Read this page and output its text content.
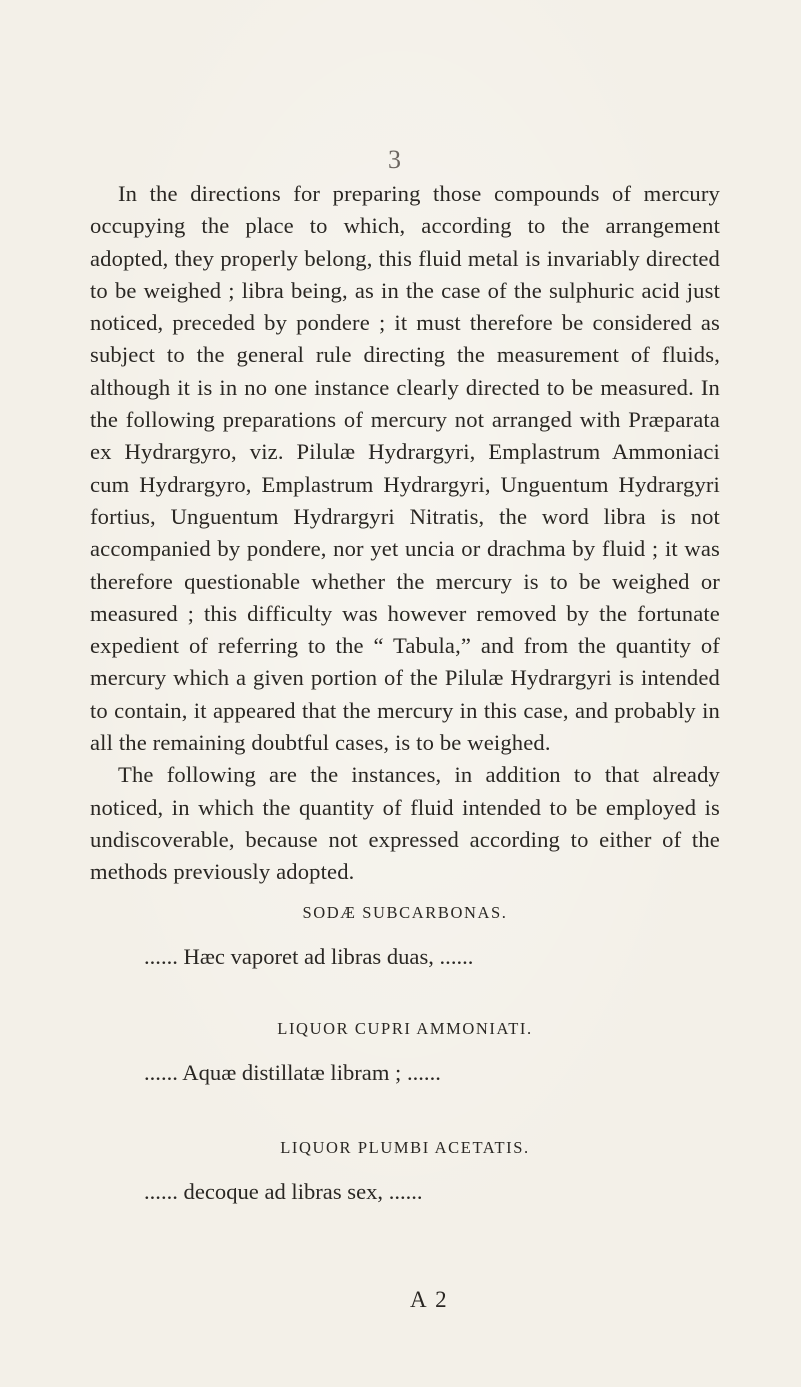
3

In the directions for preparing those compounds of mercury occupying the place to which, according to the arrangement adopted, they properly belong, this fluid metal is invariably directed to be weighed ; libra being, as in the case of the sulphuric acid just noticed, preceded by pondere ; it must therefore be considered as subject to the general rule directing the measurement of fluids, although it is in no one instance clearly directed to be measured. In the following preparations of mercury not arranged with Præparata ex Hydrargyro, viz. Pilulæ Hydrargyri, Emplastrum Ammoniaci cum Hydrargyro, Emplastrum Hydrargyri, Unguentum Hydrargyri fortius, Unguentum Hydrargyri Nitratis, the word libra is not accompanied by pondere, nor yet uncia or drachma by fluid ; it was therefore questionable whether the mercury is to be weighed or measured ; this difficulty was however removed by the fortunate expedient of referring to the “ Tabula,” and from the quantity of mercury which a given portion of the Pilulæ Hydrargyri is intended to contain, it appeared that the mercury in this case, and probably in all the remaining doubtful cases, is to be weighed.

The following are the instances, in addition to that already noticed, in which the quantity of fluid intended to be employed is undiscoverable, because not expressed according to either of the methods previously adopted.

SODÆ SUBCARBONAS.
...... Hæc vaporet ad libras duas, ......
LIQUOR CUPRI AMMONIATI.
...... Aquæ distillatæ libram ; ......
LIQUOR PLUMBI ACETATIS.
...... decoque ad libras sex, ......
A 2
